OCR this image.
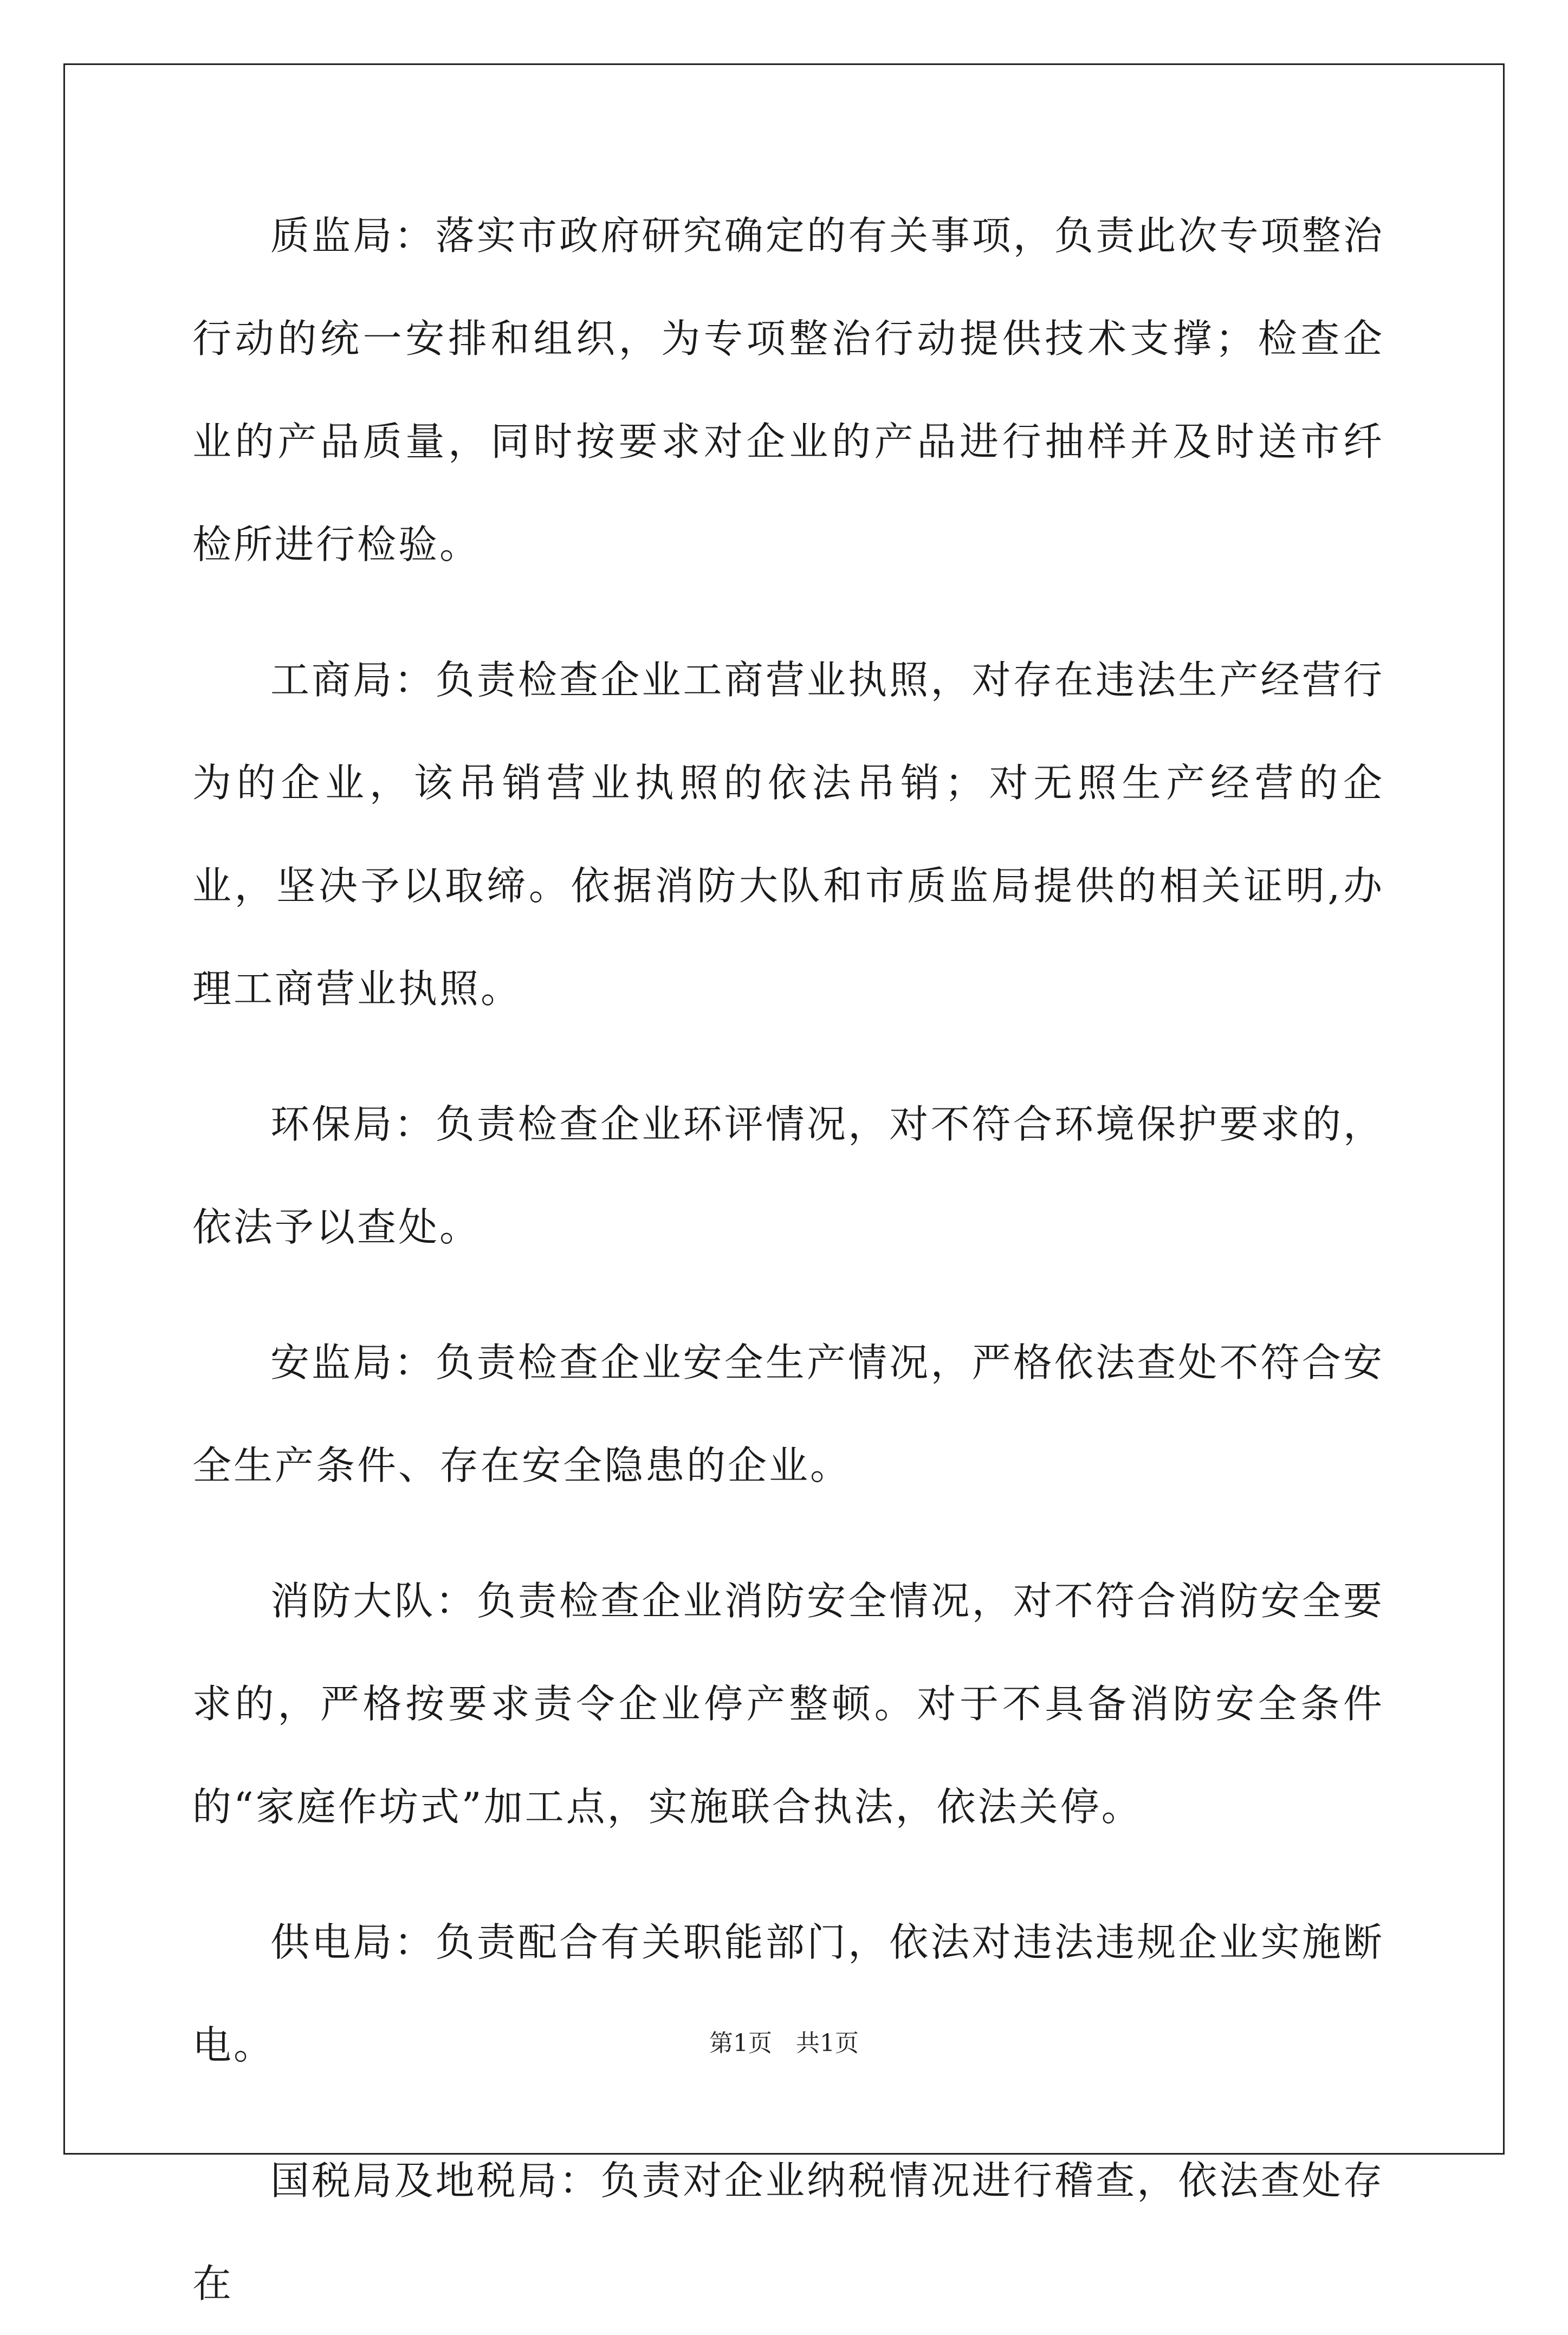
质监局：落实市政府研究确定的有关事项，负责此次专项整治行动的统一安排和组织，为专项整治行动提供技术支撑；检查企业的产品质量，同时按要求对企业的产品进行抽样并及时送市纤检所进行检验。

工商局：负责检查企业工商营业执照，对存在违法生产经营行为的企业，该吊销营业执照的依法吊销；对无照生产经营的企业，坚决予以取缔。依据消防大队和市质监局提供的相关证明,办理工商营业执照。

环保局：负责检查企业环评情况，对不符合环境保护要求的，依法予以查处。

安监局：负责检查企业安全生产情况，严格依法查处不符合安全生产条件、存在安全隐患的企业。

消防大队：负责检查企业消防安全情况，对不符合消防安全要求的，严格按要求责令企业停产整顿。对于不具备消防安全条件的“家庭作坊式”加工点，实施联合执法，依法关停。

供电局：负责配合有关职能部门，依法对违法违规企业实施断电。

国税局及地税局：负责对企业纳税情况进行稽查，依法查处存在

第1页　共1页
